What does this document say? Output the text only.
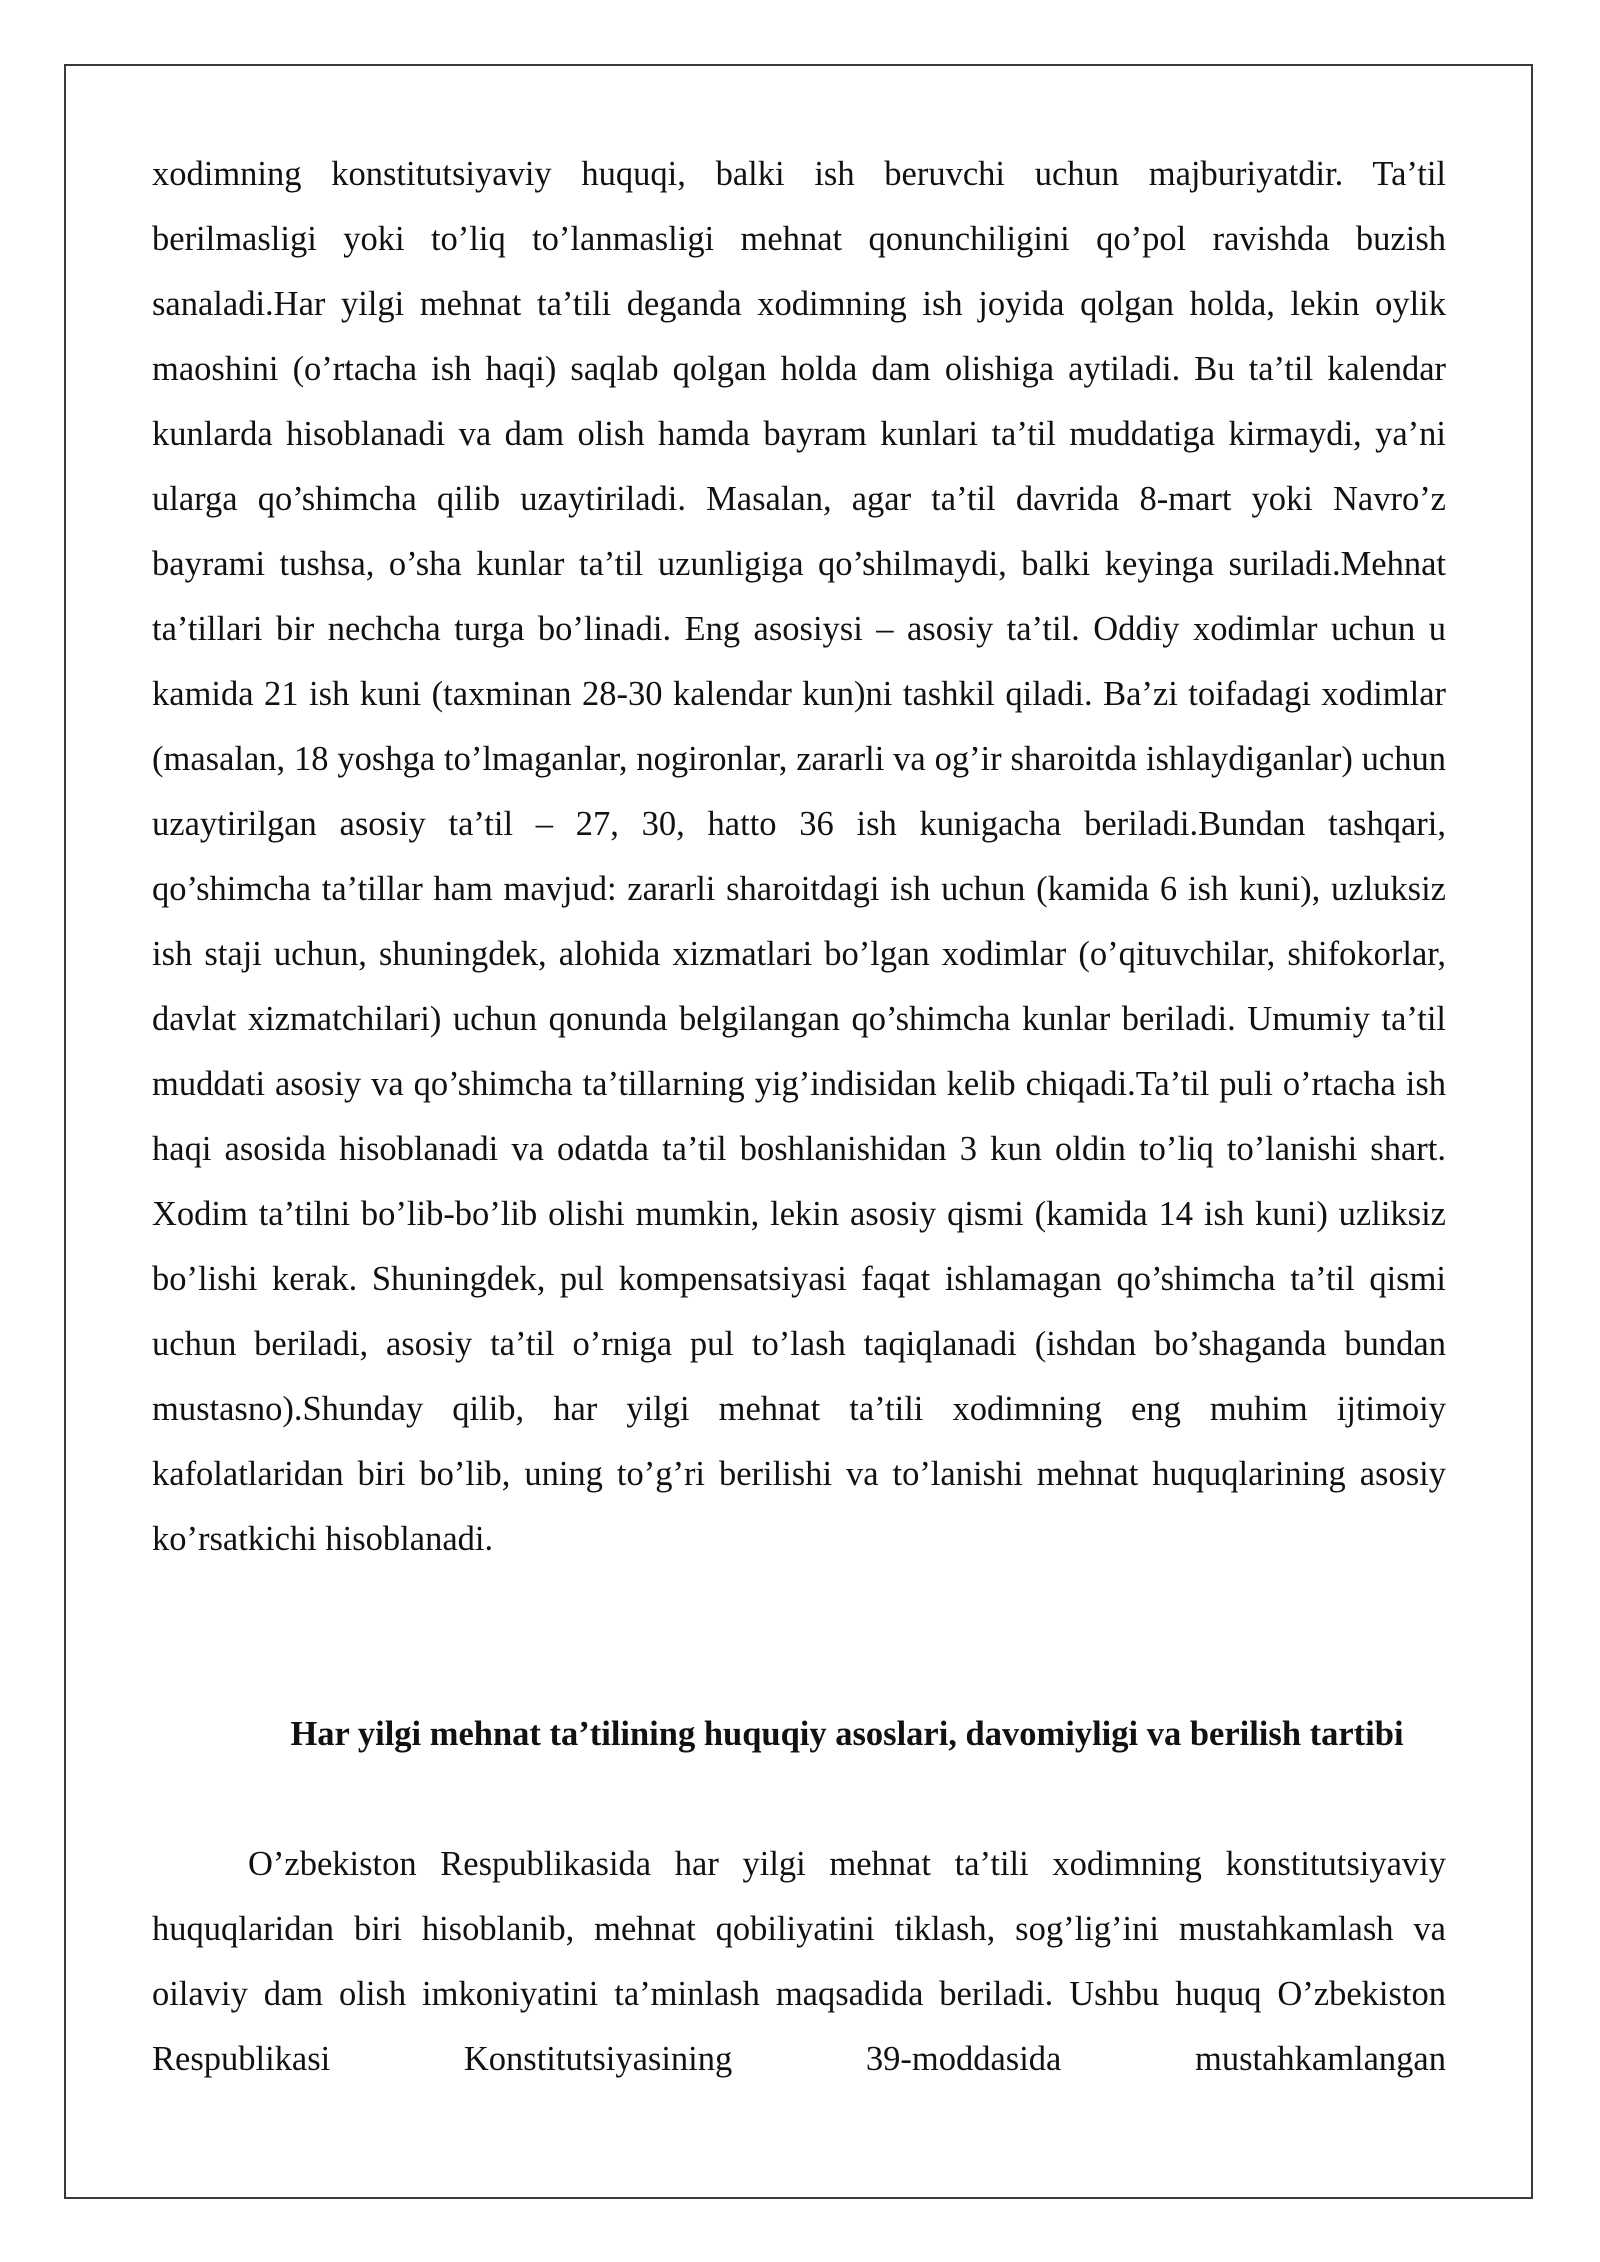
xodimning konstitutsiyaviy huquqi, balki ish beruvchi uchun majburiyatdir. Ta’til berilmasligi yoki to’liq to’lanmasligi mehnat qonunchiligini qo’pol ravishda buzish sanaladi.Har yilgi mehnat ta’tili deganda xodimning ish joyida qolgan holda, lekin oylik maoshini (o’rtacha ish haqi) saqlab qolgan holda dam olishiga aytiladi. Bu ta’til kalendar kunlarda hisoblanadi va dam olish hamda bayram kunlari ta’til muddatiga kirmaydi, ya’ni ularga qo’shimcha qilib uzaytiriladi. Masalan, agar ta’til davrida 8-mart yoki Navro’z bayrami tushsa, o’sha kunlar ta’til uzunligiga qo’shilmaydi, balki keyinga suriladi.Mehnat ta’tillari bir nechcha turga bo’linadi. Eng asosiysi – asosiy ta’til. Oddiy xodimlar uchun u kamida 21 ish kuni (taxminan 28-30 kalendar kun)ni tashkil qiladi. Ba’zi toifadagi xodimlar (masalan, 18 yoshga to’lmaganlar, nogironlar, zararli va og’ir sharoitda ishlaydiganlar) uchun uzaytirilgan asosiy ta’til – 27, 30, hatto 36 ish kunigacha beriladi.Bundan tashqari, qo’shimcha ta’tillar ham mavjud: zararli sharoitdagi ish uchun (kamida 6 ish kuni), uzluksiz ish staji uchun, shuningdek, alohida xizmatlari bo’lgan xodimlar (o’qituvchilar, shifokorlar, davlat xizmatchilari) uchun qonunda belgilangan qo’shimcha kunlar beriladi. Umumiy ta’til muddati asosiy va qo’shimcha ta’tillarning yig’indisidan kelib chiqadi.Ta’til puli o’rtacha ish haqi asosida hisoblanadi va odatda ta’til boshlanishidan 3 kun oldin to’liq to’lanishi shart. Xodim ta’tilni bo’lib-bo’lib olishi mumkin, lekin asosiy qismi (kamida 14 ish kuni) uzliksiz bo’lishi kerak. Shuningdek, pul kompensatsiyasi faqat ishlamagan qo’shimcha ta’til qismi uchun beriladi, asosiy ta’til o’rniga pul to’lash taqiqlanadi (ishdan bo’shaganda bundan mustasno).Shunday qilib, har yilgi mehnat ta’tili xodimning eng muhim ijtimoiy kafolatlaridan biri bo’lib, uning to’g’ri berilishi va to’lanishi mehnat huquqlarining asosiy ko’rsatkichi hisoblanadi.

Har yilgi mehnat ta’tilining huquqiy asoslari, davomiyligi va berilish tartibi

O’zbekiston Respublikasida har yilgi mehnat ta’tili xodimning konstitutsiyaviy huquqlaridan biri hisoblanib, mehnat qobiliyatini tiklash, sog’lig’ini mustahkamlash va oilaviy dam olish imkoniyatini ta’minlash maqsadida beriladi. Ushbu huquq O’zbekiston Respublikasi Konstitutsiyasining 39-moddasida mustahkamlangan
